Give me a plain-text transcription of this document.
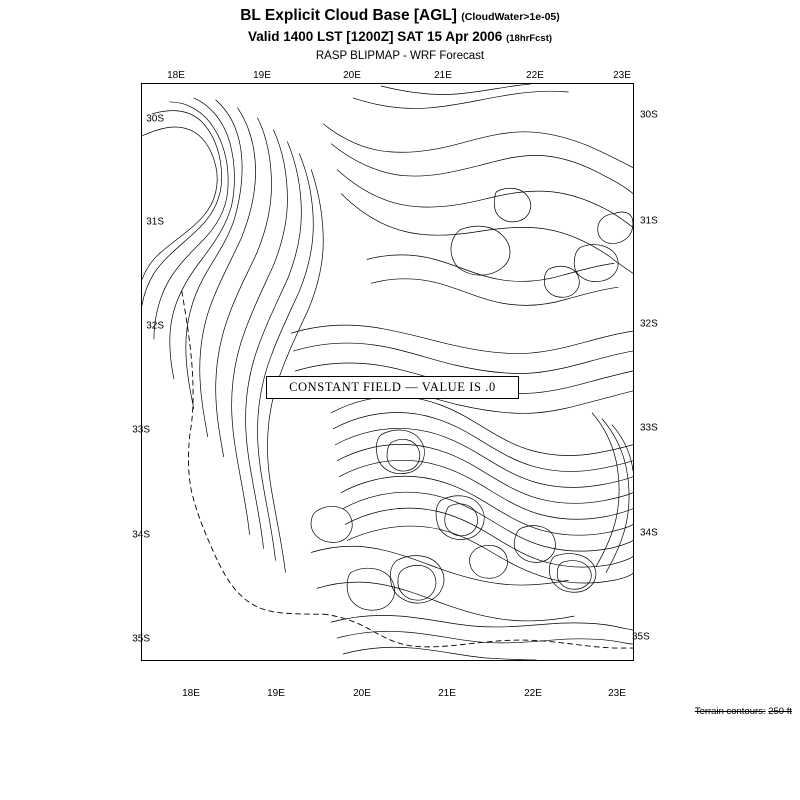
BL Explicit Cloud Base [AGL] (CloudWater>1e-05)
Valid 1400 LST [1200Z] SAT 15 Apr 2006 (18hrFcst)
RASP BLIPMAP - WRF Forecast
CONSTANT FIELD — VALUE IS .0
18E	19E	20E	21E	22E	23E
18E	19E	20E	21E	22E	23E
30S
31S
32S
33S
34S
35S
30S
31S
32S
33S
34S
35S
Terrain contours: 250 ft
